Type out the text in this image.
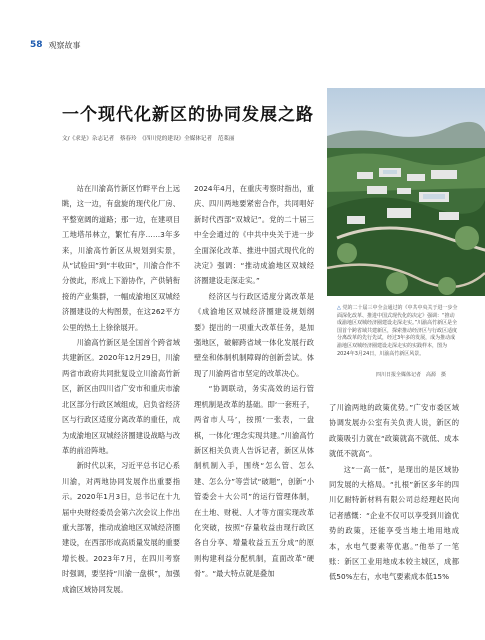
58 观察故事
一个现代化新区的协同发展之路
文/《求是》杂志记者　蔡春玲　《四川党的建设》全媒体记者　范莱丽
△ 党的二十届三中全会通过的《中共中央关于进一步全面深化改革、推进中国式现代化的决定》强调：“推动成渝地区双城经济圈建设走深走实。”川渝高竹新区是全国首个跨省域共建新区，探索推动经济区与行政区适度分离改革的先行先试，经过3年多的发展，成为推动成渝地区双城经济圈建设走深走实的实践样本，图为2024年3月24日，川渝高竹新区风景。
四川日报全媒体记者　高源　摄

站在川渝高竹新区竹畔平台上远眺，这一边，有盘旋的现代化厂房、平整宽阔的道路；那一边，在建项目工地塔吊林立，繁忙有序……3年多来，川渝高竹新区从规划到实景，从“试验田”到“丰收田”，川渝合作不分彼此，形成上下游协作，产供销衔接的产业集群，一幅成渝地区双城经济圈建设的大构图景，在这262平方公里的热土上徐徐展开。

川渝高竹新区是全国首个跨省域共建新区。2020年12月29日，川渝两省市政府共同批复设立川渝高竹新区，新区由四川省广安市和重庆市渝北区部分行政区域组成，启负省经济区与行政区适度分离改革的重任，成为成渝地区双城经济圈建设战略与改革的前沿阵地。

新时代以来，习近平总书记心系川渝，对两地协同发展作出重要指示。2020年1月3日，总书记在十九届中央财经委员会第六次会议上作出重大部署，推动成渝地区双城经济圈建设，在西部形成高质量发展的重要增长极。2023年7月，在四川考察时强调，要坚持“川渝一盘棋”，加强成渝区域协同发展。

2024年4月，在重庆考察时指出，重庆、四川两地要紧密合作，共同唱好新时代西部“双城记”。党的二十届三中全会通过的《中共中央关于进一步全面深化改革、推进中国式现代化的决定》强调：“推动成渝地区双城经济圈建设走深走实。”

经济区与行政区适度分离改革是《成渝地区双城经济圈建设规划纲要》提出的一项重大改革任务，是加强地区，破解跨省域一体化发展行政壁垒和体制机制障碍的创新尝试。体现了川渝两省市坚定的改革决心。

“协调联动，务实高效的运行管理机制是改革的基础。即‘一套班子，两省市人马’，按照‘一张表，一盘棋，一体化’理念实现共建。”川渝高竹新区相关负责人告诉记者，新区从体制机制入手，围绕“怎么管、怎么建、怎么分”等尝试“破题”，创新“小管委会＋大公司”的运行管理体制，在土地、财税、人才等方面实现改革化突破，按照“存量收益由现行政区各自分享、增量收益五五分成”的原则构建利益分配机制，直面改革“硬骨”。“最大特点就是叠加

了川渝两地的政策优势。”广安市委区域协调发展办公室有关负责人说，新区的政策吸引力就在“政策就高不就低、成本就低不就高”。

这“一高一低”，是现出的是区域协同发展的大格局。“扎根”新区多年的四川亿耐特新材料有限公司总经理赵民向记者感慨：“企业不仅可以享受到川渝优势的政策，还能享受当地土地用地成本，水电气要素等优惠。”他举了一笔账：新区工业用地成本较主城区，成都低50%左右，水电气要素成本低15%
